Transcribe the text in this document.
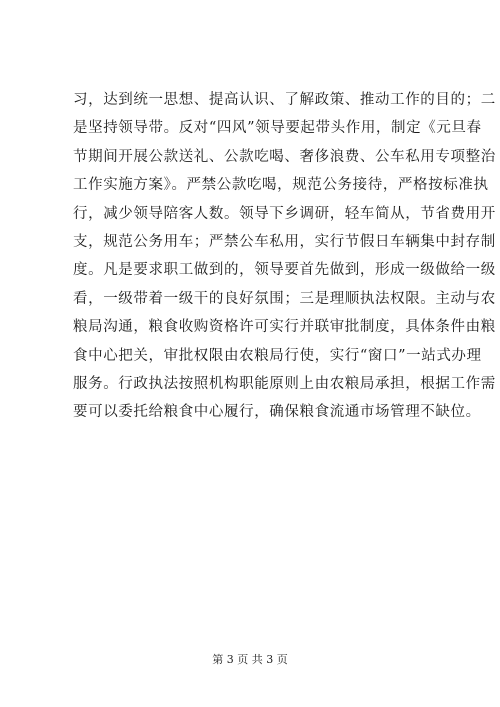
习，达到统一思想、提高认识、了解政策、推动工作的目的；二
是坚持领导带。反对“四风”领导要起带头作用，制定《元旦春
节期间开展公款送礼、公款吃喝、奢侈浪费、公车私用专项整治
工作实施方案》。严禁公款吃喝，规范公务接待，严格按标准执
行，减少领导陪客人数。领导下乡调研，轻车简从，节省费用开
支，规范公务用车；严禁公车私用，实行节假日车辆集中封存制
度。凡是要求职工做到的，领导要首先做到，形成一级做给一级
看，一级带着一级干的良好氛围；三是理顺执法权限。主动与农
粮局沟通，粮食收购资格许可实行并联审批制度，具体条件由粮
食中心把关，审批权限由农粮局行使，实行“窗口”一站式办理
服务。行政执法按照机构职能原则上由农粮局承担，根据工作需
要可以委托给粮食中心履行，确保粮食流通市场管理不缺位。
第 3 页 共 3 页
